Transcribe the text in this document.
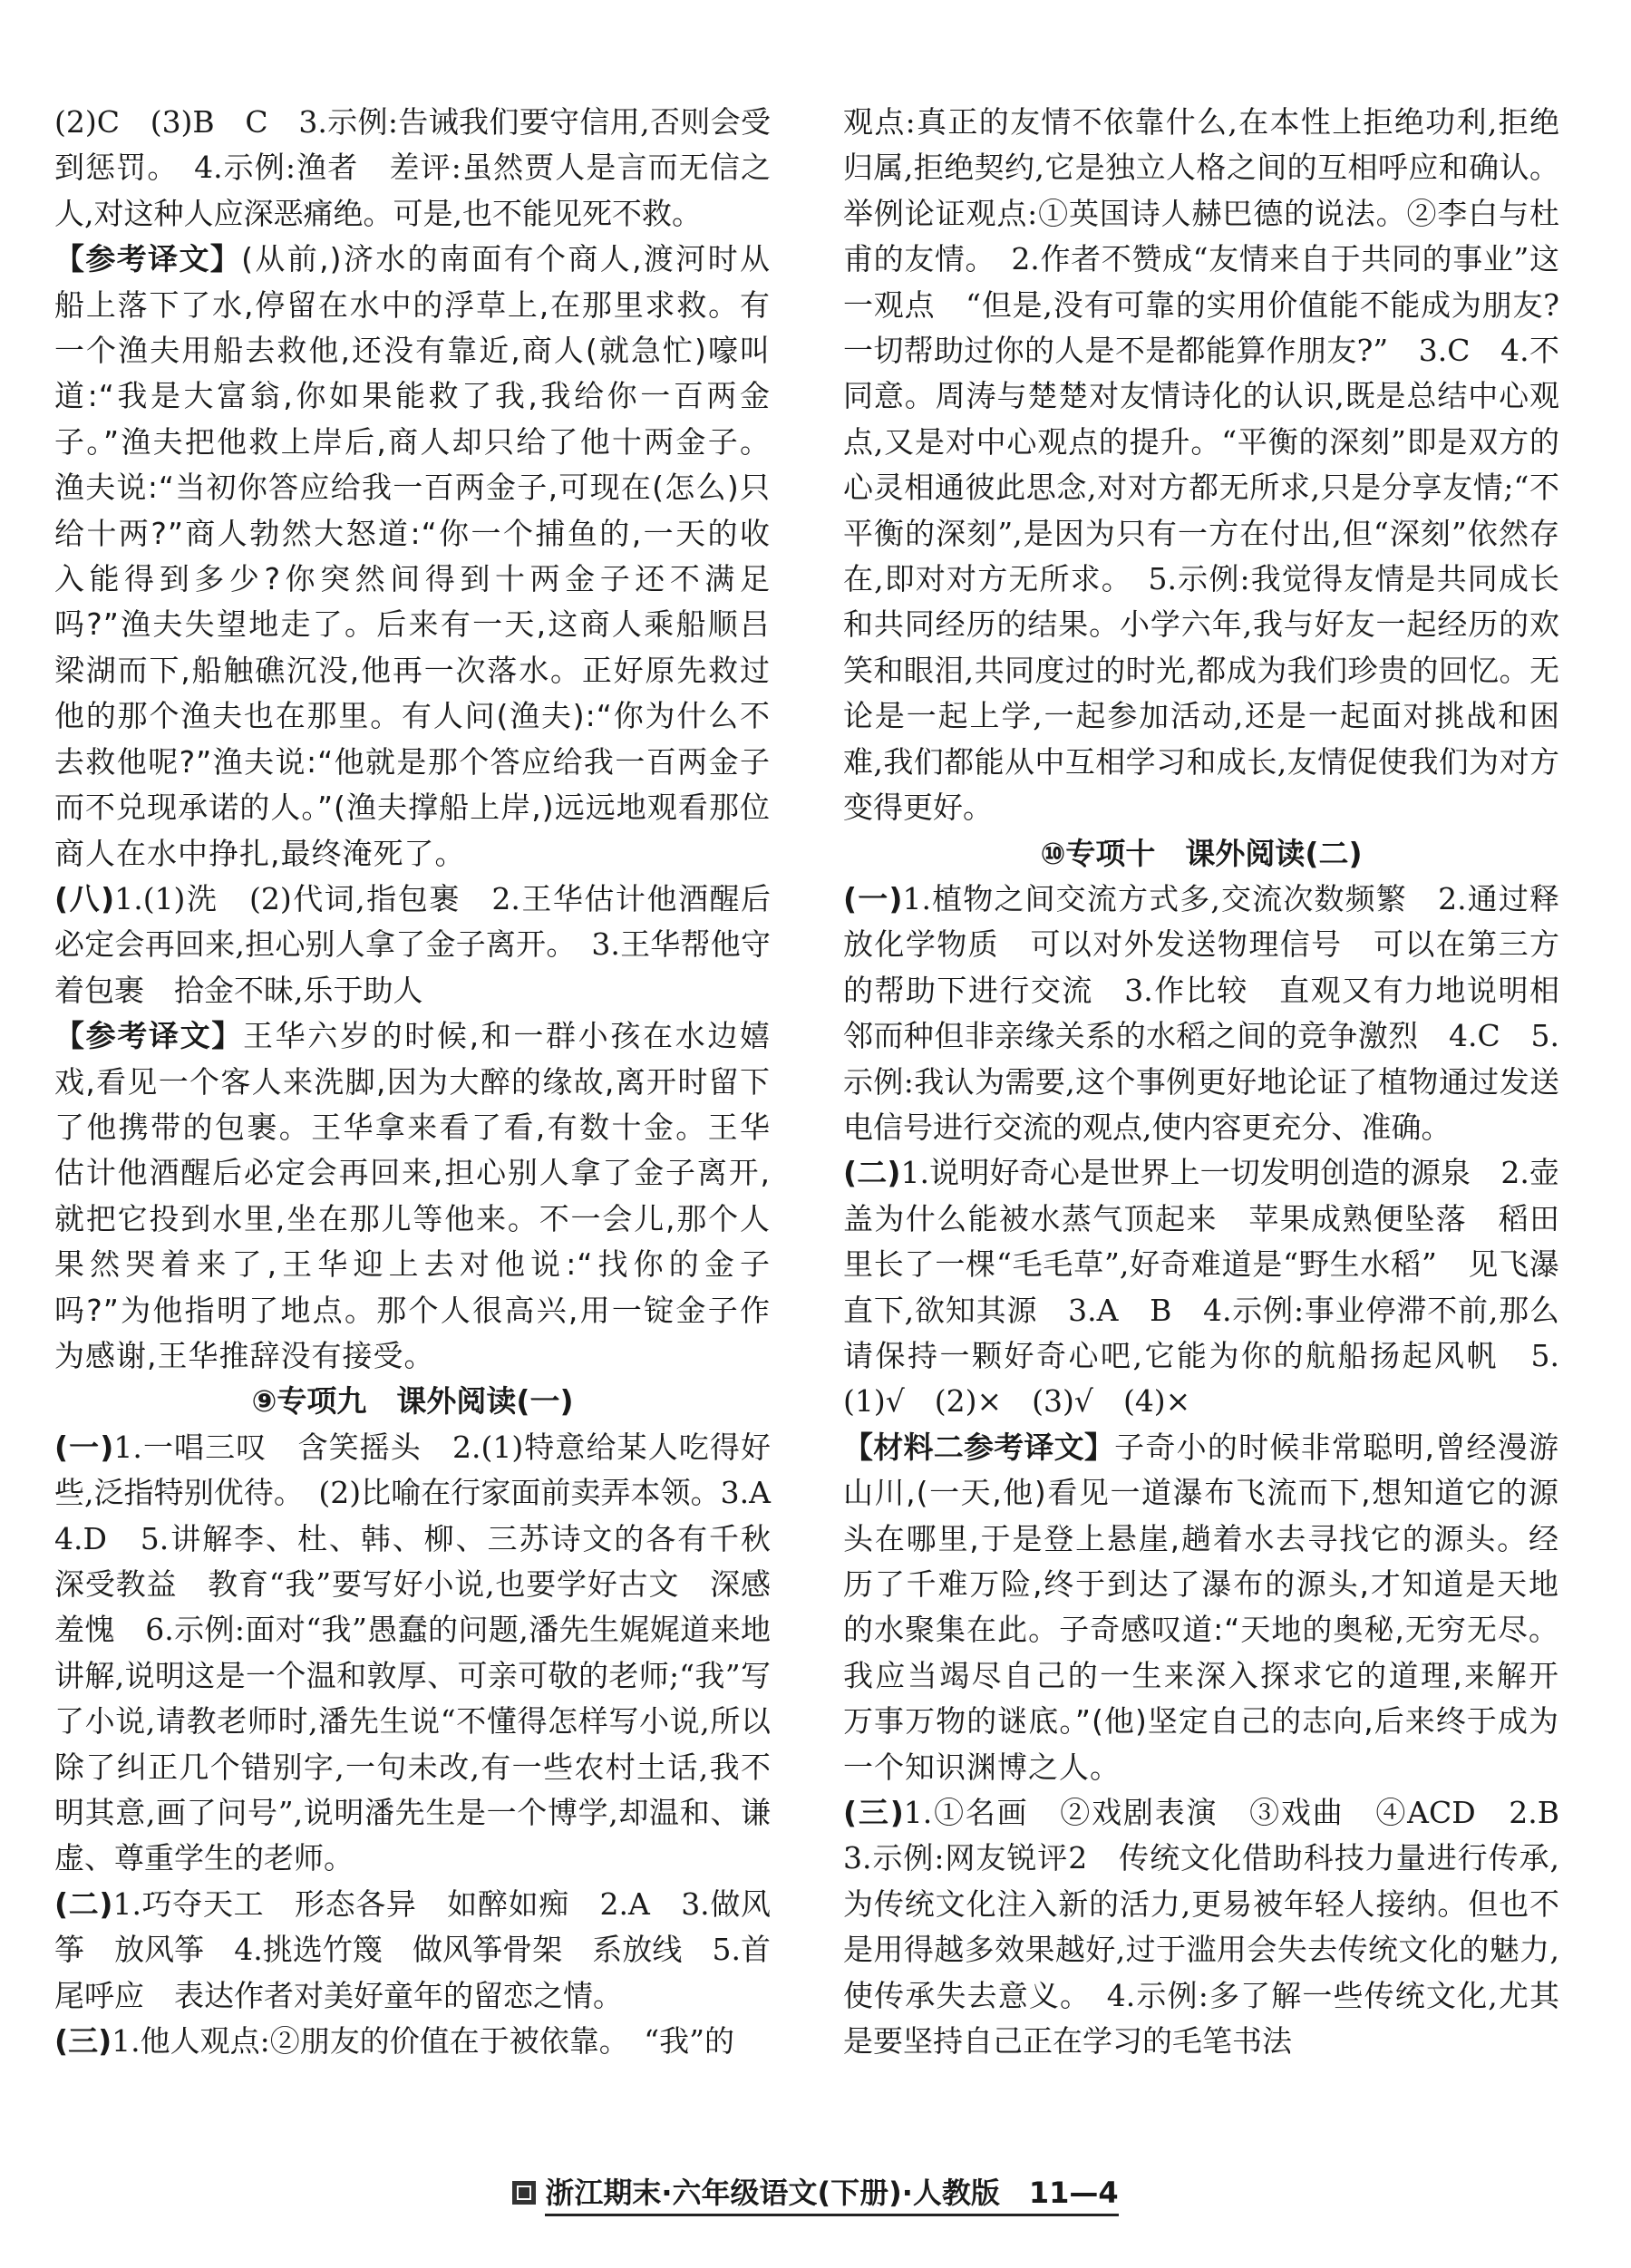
(2)C　(3)B　C　3.示例:告诫我们要守信用,否则会受到惩罚。　4.示例:渔者　差评:虽然贾人是言而无信之人,对这种人应深恶痛绝。可是,也不能见死不救。

【参考译文】(从前,)济水的南面有个商人,渡河时从船上落下了水,停留在水中的浮草上,在那里求救。有一个渔夫用船去救他,还没有靠近,商人(就急忙)嚎叫道:“我是大富翁,你如果能救了我,我给你一百两金子。”渔夫把他救上岸后,商人却只给了他十两金子。渔夫说:“当初你答应给我一百两金子,可现在(怎么)只给十两?”商人勃然大怒道:“你一个捕鱼的,一天的收入能得到多少?你突然间得到十两金子还不满足吗?”渔夫失望地走了。后来有一天,这商人乘船顺吕梁湖而下,船触礁沉没,他再一次落水。正好原先救过他的那个渔夫也在那里。有人问(渔夫):“你为什么不去救他呢?”渔夫说:“他就是那个答应给我一百两金子而不兑现承诺的人。”(渔夫撑船上岸,)远远地观看那位商人在水中挣扎,最终淹死了。

(八)1.(1)洗　(2)代词,指包裹　2.王华估计他酒醒后必定会再回来,担心别人拿了金子离开。　3.王华帮他守着包裹　拾金不昧,乐于助人

【参考译文】王华六岁的时候,和一群小孩在水边嬉戏,看见一个客人来洗脚,因为大醉的缘故,离开时留下了他携带的包裹。王华拿来看了看,有数十金。王华估计他酒醒后必定会再回来,担心别人拿了金子离开,就把它投到水里,坐在那儿等他来。不一会儿,那个人果然哭着来了,王华迎上去对他说:“找你的金子吗?”为他指明了地点。那个人很高兴,用一锭金子作为感谢,王华推辞没有接受。

⑨专项九　课外阅读(一)

(一)1.一唱三叹　含笑摇头　2.(1)特意给某人吃得好些,泛指特别优待。　(2)比喻在行家面前卖弄本领。3.A　4.D　5.讲解李、杜、韩、柳、三苏诗文的各有千秋　深受教益　教育“我”要写好小说,也要学好古文　深感羞愧　6.示例:面对“我”愚蠢的问题,潘先生娓娓道来地讲解,说明这是一个温和敦厚、可亲可敬的老师;“我”写了小说,请教老师时,潘先生说“不懂得怎样写小说,所以除了纠正几个错别字,一句未改,有一些农村土话,我不明其意,画了问号”,说明潘先生是一个博学,却温和、谦虚、尊重学生的老师。

(二)1.巧夺天工　形态各异　如醉如痴　2.A　3.做风筝　放风筝　4.挑选竹篾　做风筝骨架　系放线　5.首尾呼应　表达作者对美好童年的留恋之情。

(三)1.他人观点:②朋友的价值在于被依靠。　“我”的

观点:真正的友情不依靠什么,在本性上拒绝功利,拒绝归属,拒绝契约,它是独立人格之间的互相呼应和确认。举例论证观点:①英国诗人赫巴德的说法。②李白与杜甫的友情。　2.作者不赞成“友情来自于共同的事业”这一观点　“但是,没有可靠的实用价值能不能成为朋友?一切帮助过你的人是不是都能算作朋友?”　3.C　4.不同意。周涛与楚楚对友情诗化的认识,既是总结中心观点,又是对中心观点的提升。“平衡的深刻”即是双方的心灵相通彼此思念,对对方都无所求,只是分享友情;“不平衡的深刻”,是因为只有一方在付出,但“深刻”依然存在,即对对方无所求。　5.示例:我觉得友情是共同成长和共同经历的结果。小学六年,我与好友一起经历的欢笑和眼泪,共同度过的时光,都成为我们珍贵的回忆。无论是一起上学,一起参加活动,还是一起面对挑战和困难,我们都能从中互相学习和成长,友情促使我们为对方变得更好。

⑩专项十　课外阅读(二)

(一)1.植物之间交流方式多,交流次数频繁　2.通过释放化学物质　可以对外发送物理信号　可以在第三方的帮助下进行交流　3.作比较　直观又有力地说明相邻而种但非亲缘关系的水稻之间的竞争激烈　4.C　5.示例:我认为需要,这个事例更好地论证了植物通过发送电信号进行交流的观点,使内容更充分、准确。

(二)1.说明好奇心是世界上一切发明创造的源泉　2.壶盖为什么能被水蒸气顶起来　苹果成熟便坠落　稻田里长了一棵“毛毛草”,好奇难道是“野生水稻”　见飞瀑直下,欲知其源　3.A　B　4.示例:事业停滞不前,那么请保持一颗好奇心吧,它能为你的航船扬起风帆　5.(1)√　(2)×　(3)√　(4)×

【材料二参考译文】子奇小的时候非常聪明,曾经漫游山川,(一天,他)看见一道瀑布飞流而下,想知道它的源头在哪里,于是登上悬崖,趟着水去寻找它的源头。经历了千难万险,终于到达了瀑布的源头,才知道是天地的水聚集在此。子奇感叹道:“天地的奥秘,无穷无尽。我应当竭尽自己的一生来深入探求它的道理,来解开万事万物的谜底。”(他)坚定自己的志向,后来终于成为一个知识渊博之人。

(三)1.①名画　②戏剧表演　③戏曲　④ACD　2.B　3.示例:网友锐评2　传统文化借助科技力量进行传承,为传统文化注入新的活力,更易被年轻人接纳。但也不是用得越多效果越好,过于滥用会失去传统文化的魅力,使传承失去意义。　4.示例:多了解一些传统文化,尤其是要坚持自己正在学习的毛笔书法

浙江期末·六年级语文(下册)·人教版　11—4
